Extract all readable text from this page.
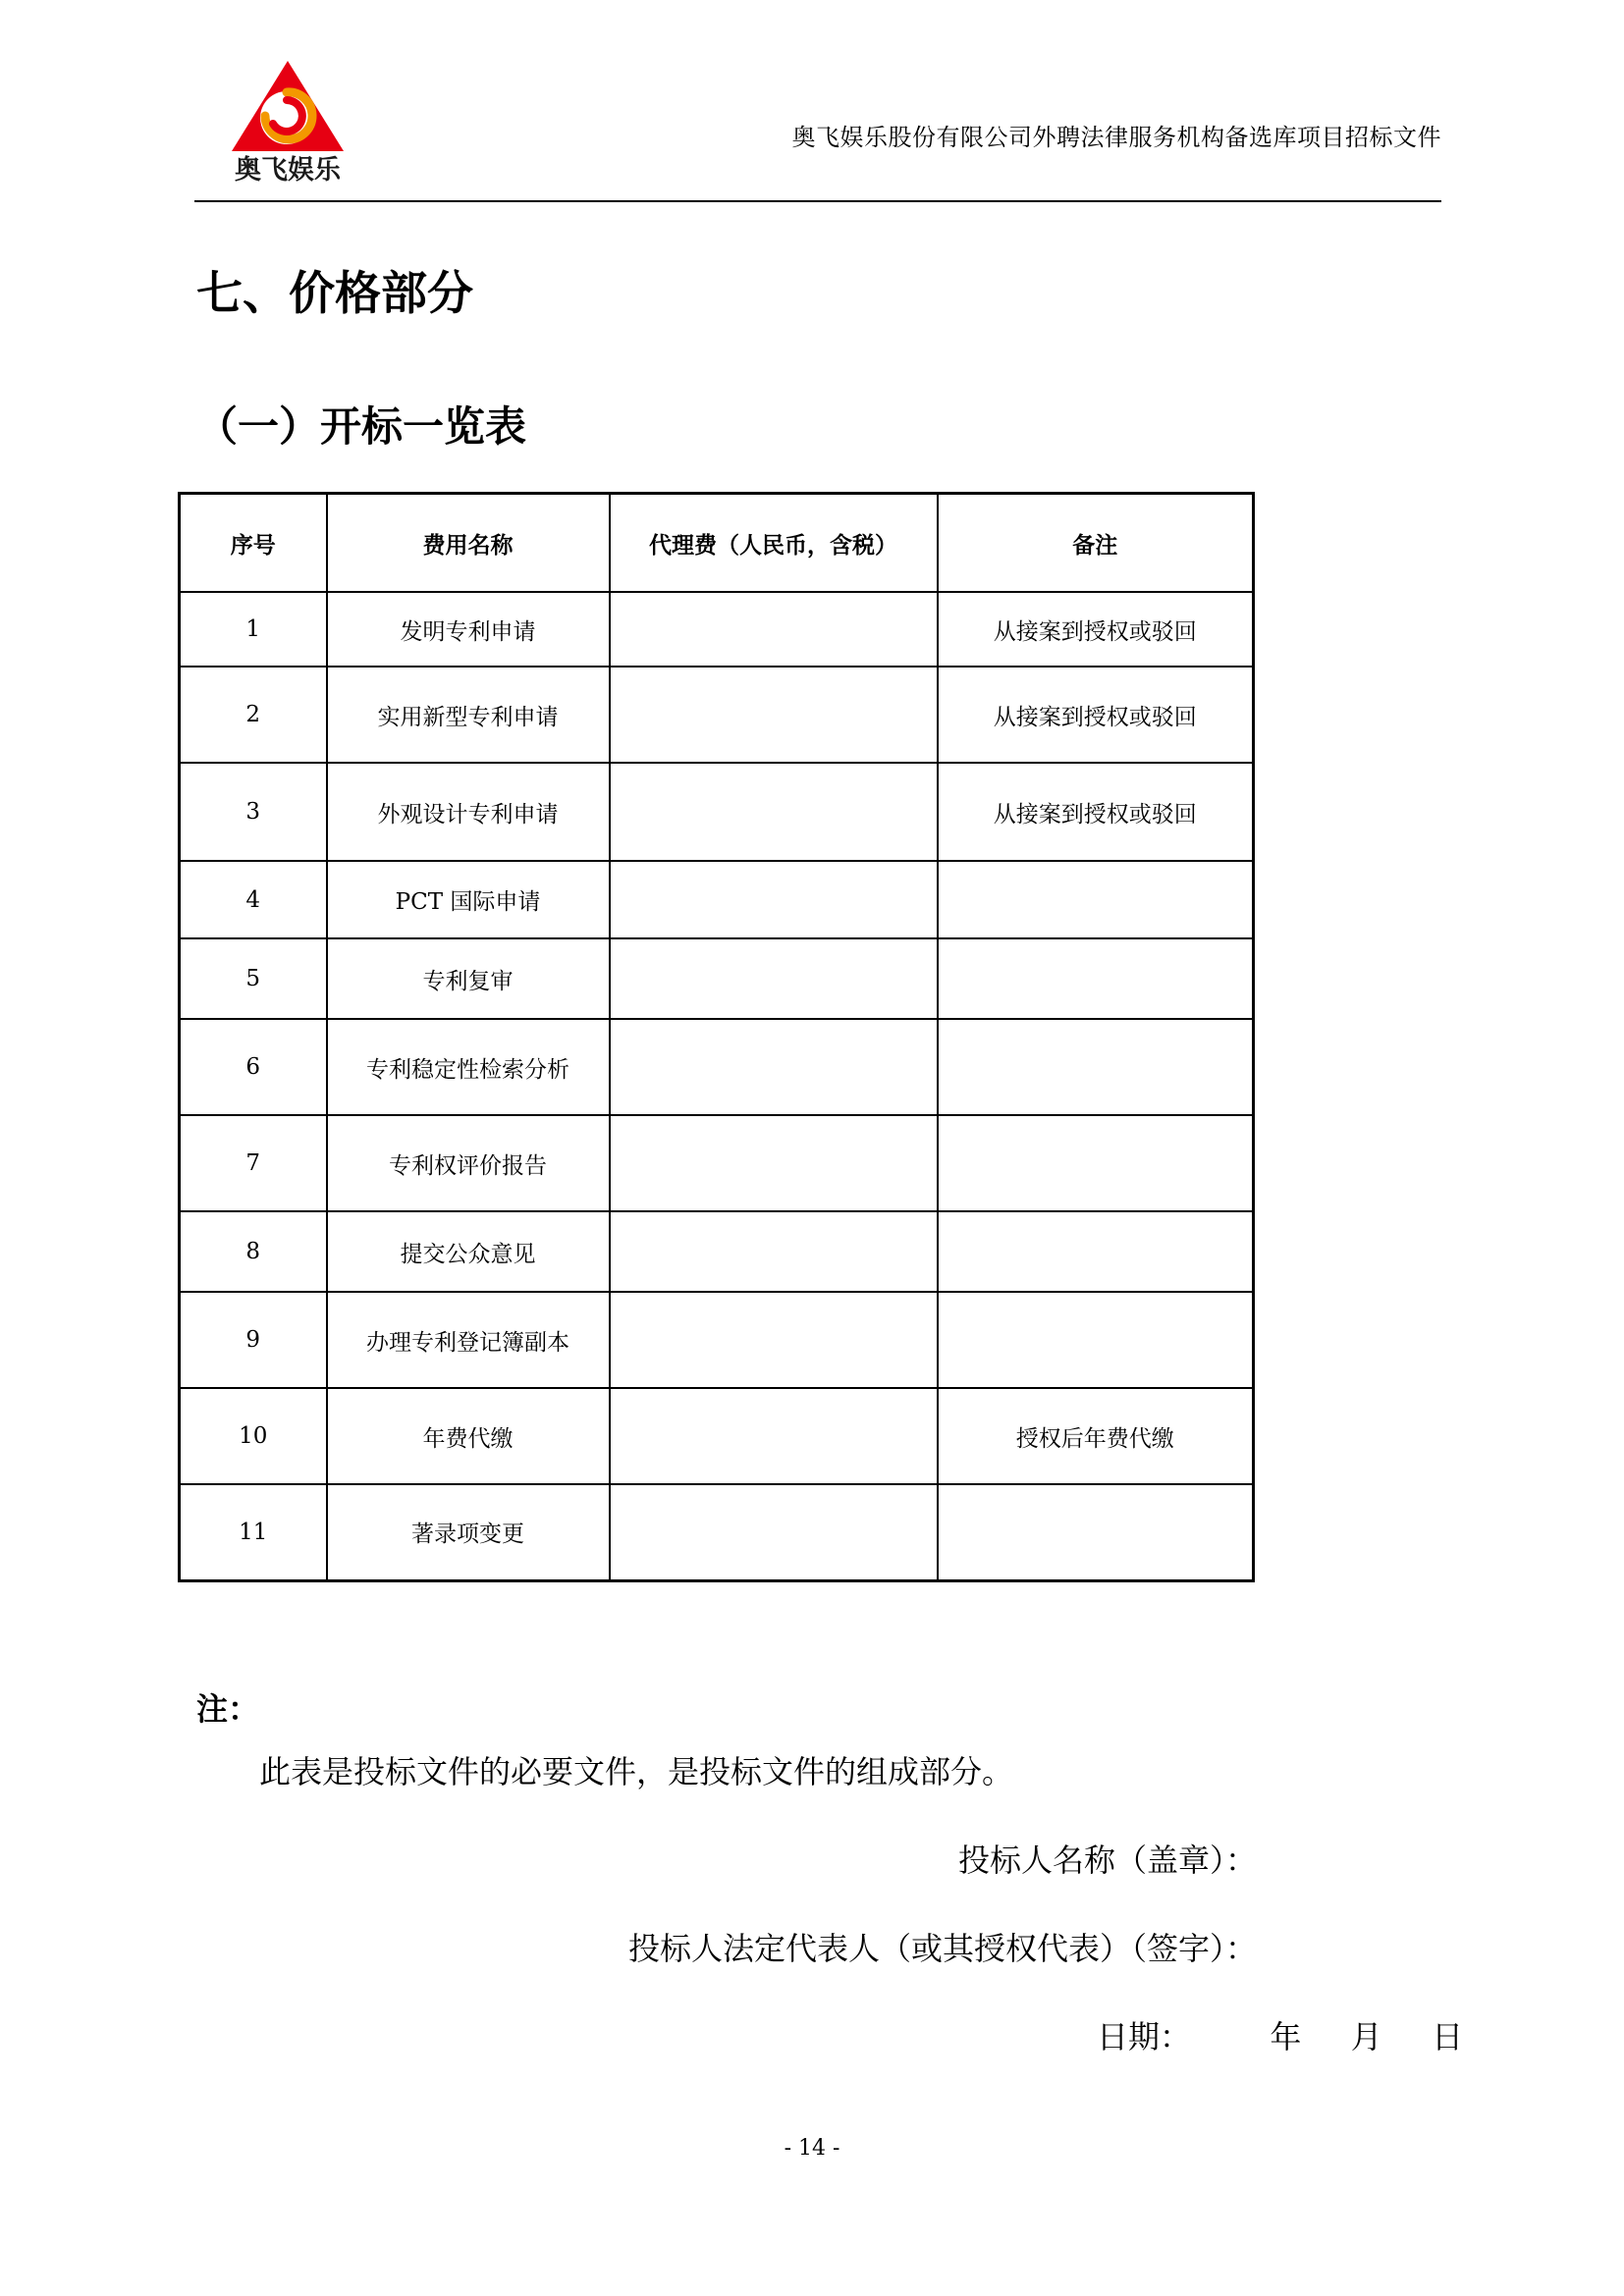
奥飞娱乐
奥飞娱乐股份有限公司外聘法律服务机构备选库项目招标文件
七、价格部分
（一）开标一览表
序号	费用名称	代理费（人民币，含税）	备注
1	发明专利申请		从接案到授权或驳回
2	实用新型专利申请		从接案到授权或驳回
3	外观设计专利申请		从接案到授权或驳回
4	PCT 国际申请		
5	专利复审		
6	专利稳定性检索分析		
7	专利权评价报告		
8	提交公众意见		
9	办理专利登记簿副本		
10	年费代缴		授权后年费代缴
11	著录项变更		
注：
此表是投标文件的必要文件，是投标文件的组成部分。
投标人名称（盖章）：
投标人法定代表人（或其授权代表）（签字）：
日期：	年 月 日
- 14 -
